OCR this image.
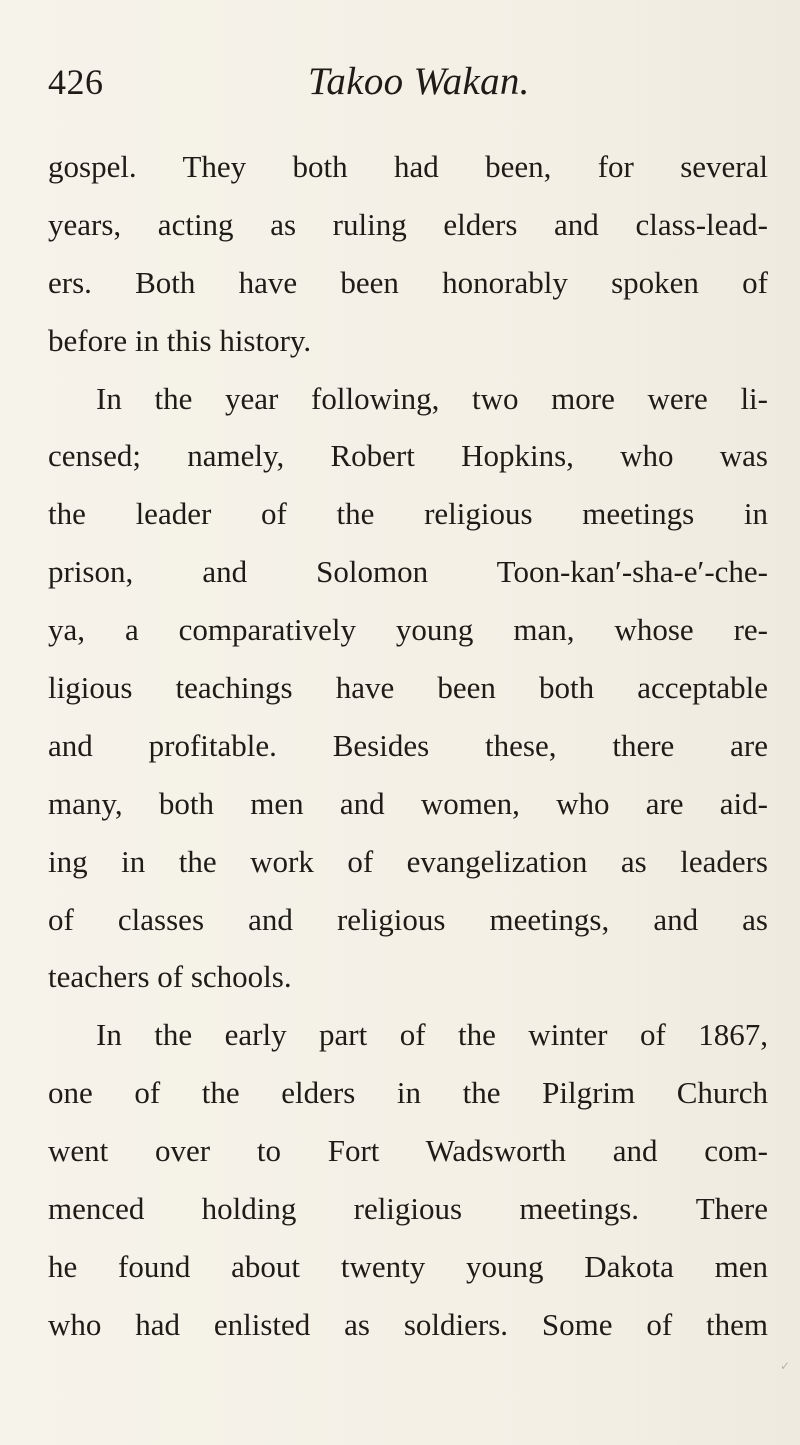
426	Takoo Wakan.
gospel. They both had been, for several
years, acting as ruling elders and class-lead-
ers. Both have been honorably spoken of
before in this history.
In the year following, two more were li-
censed; namely, Robert Hopkins, who was
the leader of the religious meetings in
prison, and Solomon Toon-kan′-sha-e′-che-
ya, a comparatively young man, whose re-
ligious teachings have been both acceptable
and profitable. Besides these, there are
many, both men and women, who are aid-
ing in the work of evangelization as leaders
of classes and religious meetings, and as
teachers of schools.
In the early part of the winter of 1867,
one of the elders in the Pilgrim Church
went over to Fort Wadsworth and com-
menced holding religious meetings. There
he found about twenty young Dakota men
who had enlisted as soldiers. Some of them
✓
